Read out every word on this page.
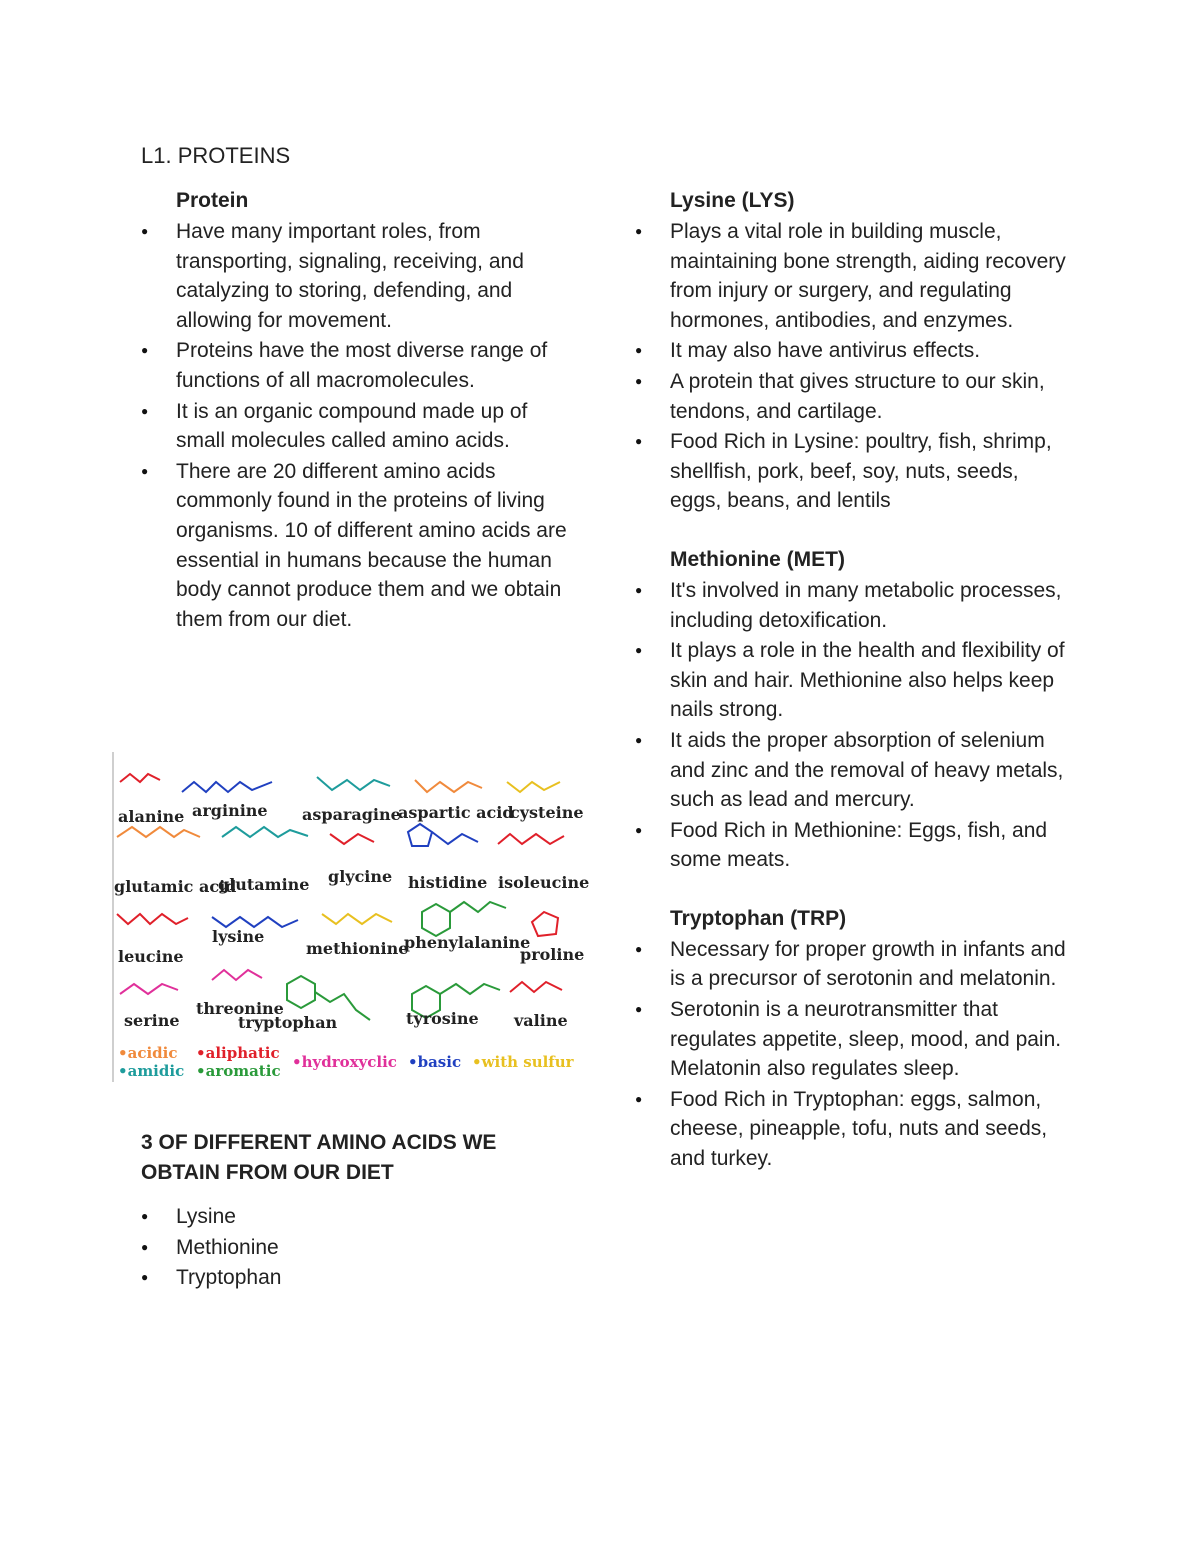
L1. PROTEINS
Protein
● Have many important roles, from transporting, signaling, receiving, and catalyzing to storing, defending, and allowing for movement.
● Proteins have the most diverse range of functions of all macromolecules.
● It is an organic compound made up of small molecules called amino acids.
● There are 20 different amino acids commonly found in the proteins of living organisms. 10 of different amino acids are essential in humans because the human body cannot produce them and we obtain them from our diet.
alanine arginine asparagine
aspartic acid
cysteine
glutamic acid
glutamine glycine histidine isoleucine
leucine
lysine
methionine
phenylalanine
proline
serine
threonine
tryptophan	tyrosine valine
•acidic
•amidic
•aliphatic
•aromatic •hydroxyclic •basic •with sulfur
3 OF DIFFERENT AMINO ACIDS WE OBTAIN FROM OUR DIET
● Lysine
● Methionine
● Tryptophan
Lysine (LYS)
● Plays a vital role in building muscle, maintaining bone strength, aiding recovery from injury or surgery, and regulating hormones, antibodies, and enzymes.
● It may also have antivirus effects.
● A protein that gives structure to our skin, tendons, and cartilage.
● Food Rich in Lysine: poultry, fish, shrimp, shellfish, pork, beef, soy, nuts, seeds, eggs, beans, and lentils
Methionine (MET)
● It's involved in many metabolic processes, including detoxification.
● It plays a role in the health and flexibility of skin and hair. Methionine also helps keep nails strong.
● It aids the proper absorption of selenium and zinc and the removal of heavy metals, such as lead and mercury.
● Food Rich in Methionine: Eggs, fish, and some meats.
Tryptophan (TRP)
● Necessary for proper growth in infants and is a precursor of serotonin and melatonin.
● Serotonin is a neurotransmitter that regulates appetite, sleep, mood, and pain. Melatonin also regulates sleep.
● Food Rich in Tryptophan: eggs, salmon, cheese, pineapple, tofu, nuts and seeds, and turkey.
